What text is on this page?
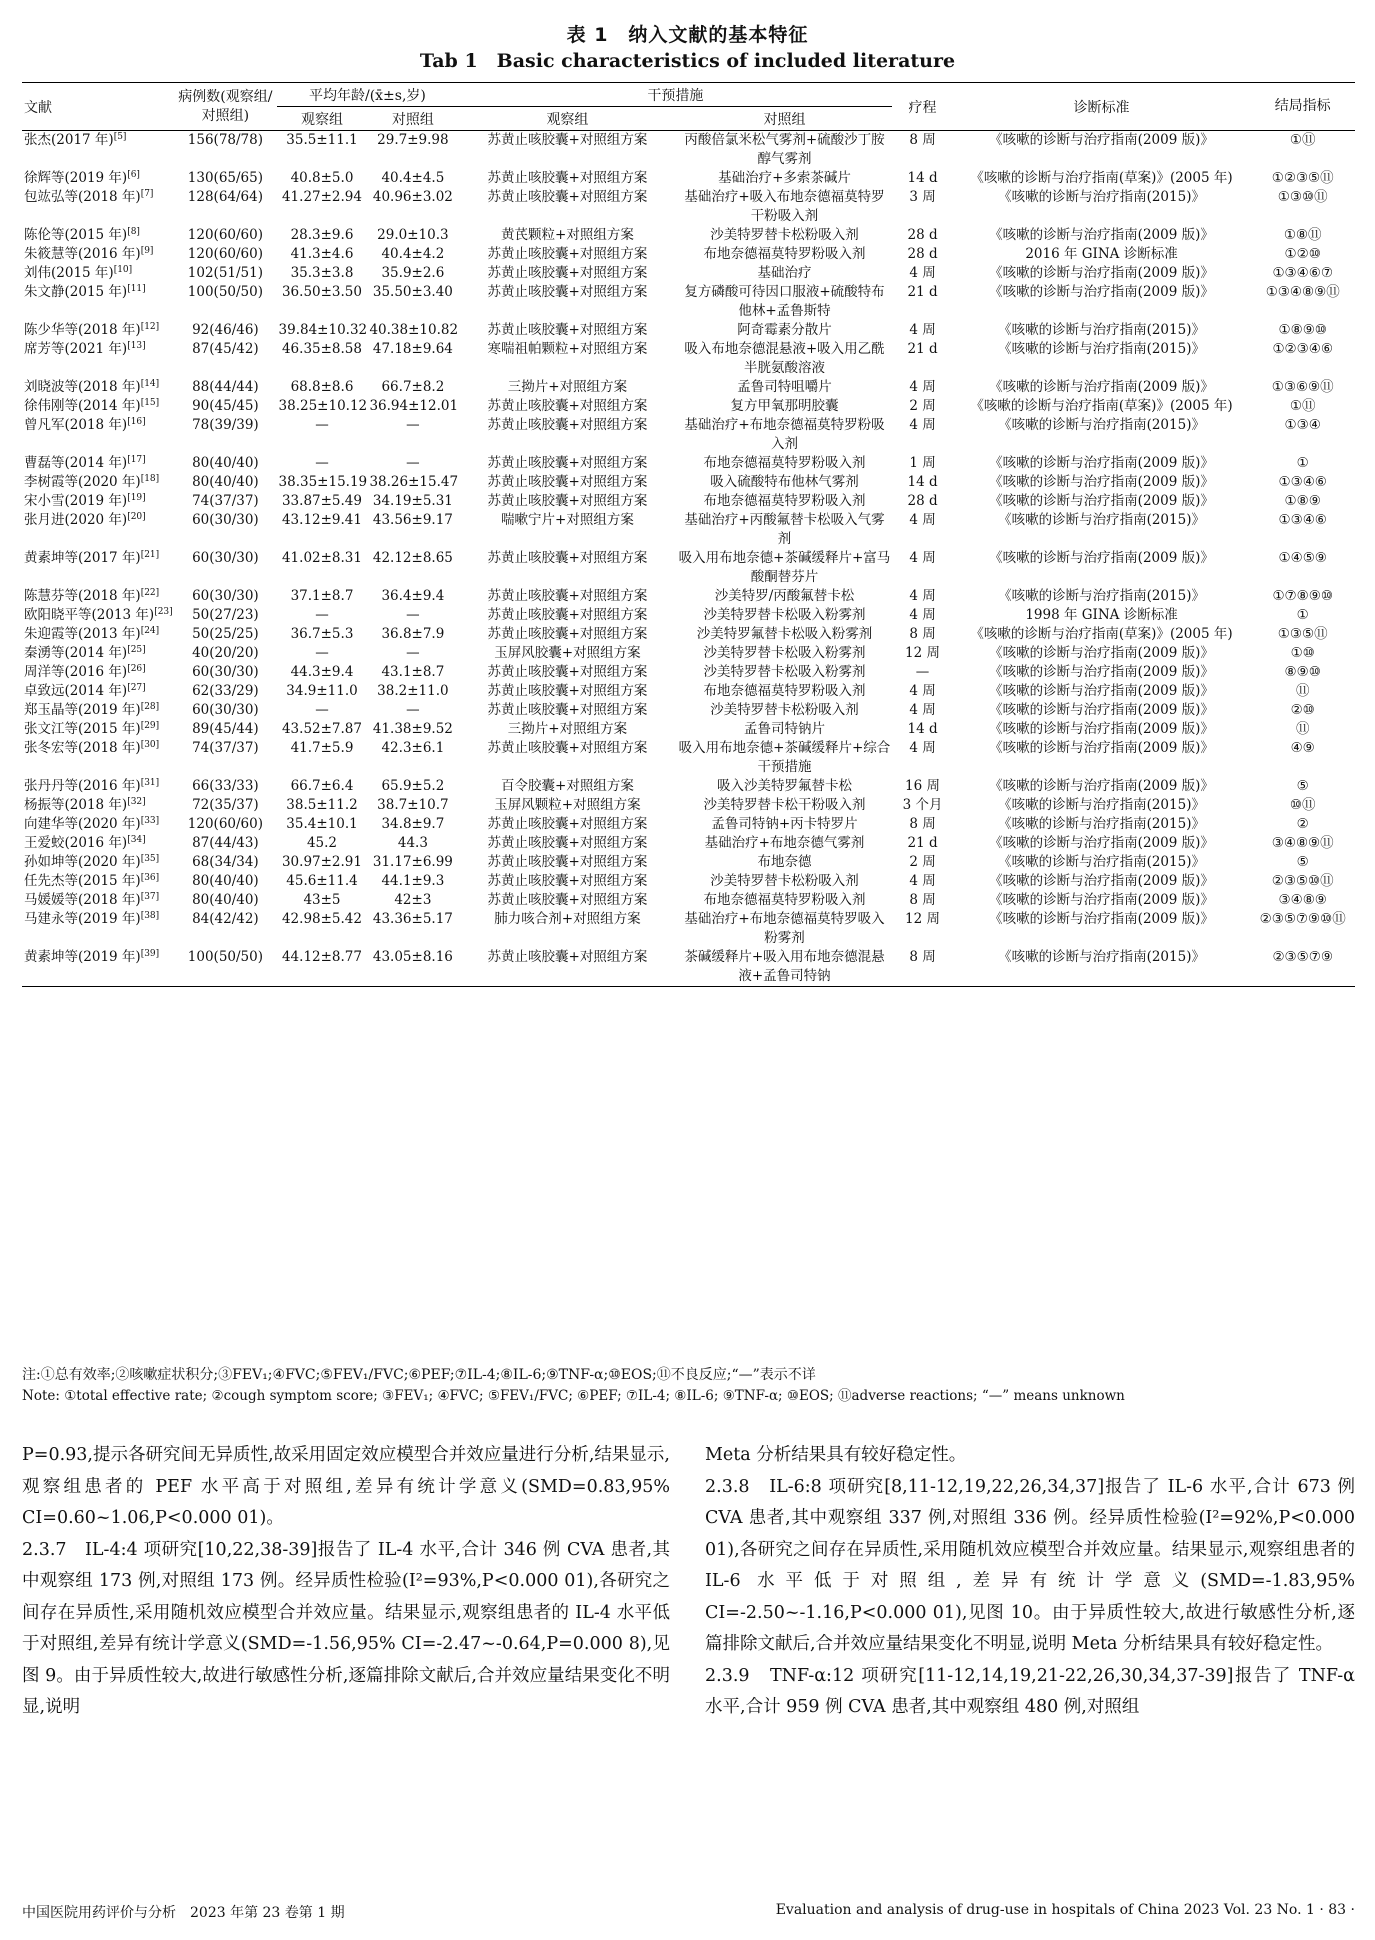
表 1　纳入文献的基本特征
Tab 1　Basic characteristics of included literature
文献	病例数(观察组/对照组)	平均年龄/(x̄±s,岁)		干预措施		疗程	诊断标准	结局指标
		观察组	对照组	观察组	对照组			
张杰(2017 年)[5]	156(78/78)	35.5±11.1	29.7±9.98	苏黄止咳胶囊+对照组方案	丙酸倍氯米松气雾剂+硫酸沙丁胺醇气雾剂	8 周	《咳嗽的诊断与治疗指南(2009 版)》	①⑪
徐辉等(2019 年)[6]	130(65/65)	40.8±5.0	40.4±4.5	苏黄止咳胶囊+对照组方案	基础治疗+多索茶碱片	14 d	《咳嗽的诊断与治疗指南(草案)》(2005 年)	①②③⑤⑪
包竑弘等(2018 年)[7]	128(64/64)	41.27±2.94	40.96±3.02	苏黄止咳胶囊+对照组方案	基础治疗+吸入布地奈德福莫特罗干粉吸入剂	3 周	《咳嗽的诊断与治疗指南(2015)》	①③⑩⑪
陈伦等(2015 年)[8]	120(60/60)	28.3±9.6	29.0±10.3	黄芪颗粒+对照组方案	沙美特罗替卡松粉吸入剂	28 d	《咳嗽的诊断与治疗指南(2009 版)》	①⑧⑪
朱筱慧等(2016 年)[9]	120(60/60)	41.3±4.6	40.4±4.2	苏黄止咳胶囊+对照组方案	布地奈德福莫特罗粉吸入剂	28 d	2016 年 GINA 诊断标准	①②⑩
刘伟(2015 年)[10]	102(51/51)	35.3±3.8	35.9±2.6	苏黄止咳胶囊+对照组方案	基础治疗	4 周	《咳嗽的诊断与治疗指南(2009 版)》	①③④⑥⑦
朱文静(2015 年)[11]	100(50/50)	36.50±3.50	35.50±3.40	苏黄止咳胶囊+对照组方案	复方磷酸可待因口服液+硫酸特布他林+孟鲁斯特	21 d	《咳嗽的诊断与治疗指南(2009 版)》	①③④⑧⑨⑪
陈少华等(2018 年)[12]	92(46/46)	39.84±10.32	40.38±10.82	苏黄止咳胶囊+对照组方案	阿奇霉素分散片	4 周	《咳嗽的诊断与治疗指南(2015)》	①⑧⑨⑩
席芳等(2021 年)[13]	87(45/42)	46.35±8.58	47.18±9.64	寒喘祖帕颗粒+对照组方案	吸入布地奈德混悬液+吸入用乙酰半胱氨酸溶液	21 d	《咳嗽的诊断与治疗指南(2015)》	①②③④⑥
刘晓波等(2018 年)[14]	88(44/44)	68.8±8.6	66.7±8.2	三拗片+对照组方案	孟鲁司特咀嚼片	4 周	《咳嗽的诊断与治疗指南(2009 版)》	①③⑥⑨⑪
徐伟刚等(2014 年)[15]	90(45/45)	38.25±10.12	36.94±12.01	苏黄止咳胶囊+对照组方案	复方甲氧那明胶囊	2 周	《咳嗽的诊断与治疗指南(草案)》(2005 年)	①⑪
曾凡军(2018 年)[16]	78(39/39)	—	—	苏黄止咳胶囊+对照组方案	基础治疗+布地奈德福莫特罗粉吸入剂	4 周	《咳嗽的诊断与治疗指南(2015)》	①③④
曹磊等(2014 年)[17]	80(40/40)	—	—	苏黄止咳胶囊+对照组方案	布地奈德福莫特罗粉吸入剂	1 周	《咳嗽的诊断与治疗指南(2009 版)》	①
李树霞等(2020 年)[18]	80(40/40)	38.35±15.19	38.26±15.47	苏黄止咳胶囊+对照组方案	吸入硫酸特布他林气雾剂	14 d	《咳嗽的诊断与治疗指南(2009 版)》	①③④⑥
宋小雪(2019 年)[19]	74(37/37)	33.87±5.49	34.19±5.31	苏黄止咳胶囊+对照组方案	布地奈德福莫特罗粉吸入剂	28 d	《咳嗽的诊断与治疗指南(2009 版)》	①⑧⑨
张月进(2020 年)[20]	60(30/30)	43.12±9.41	43.56±9.17	喘嗽宁片+对照组方案	基础治疗+丙酸氟替卡松吸入气雾剂	4 周	《咳嗽的诊断与治疗指南(2015)》	①③④⑥
黄素坤等(2017 年)[21]	60(30/30)	41.02±8.31	42.12±8.65	苏黄止咳胶囊+对照组方案	吸入用布地奈德+茶碱缓释片+富马酸酮替芬片	4 周	《咳嗽的诊断与治疗指南(2009 版)》	①④⑤⑨
陈慧芬等(2018 年)[22]	60(30/30)	37.1±8.7	36.4±9.4	苏黄止咳胶囊+对照组方案	沙美特罗/丙酸氟替卡松	4 周	《咳嗽的诊断与治疗指南(2015)》	①⑦⑧⑨⑩
欧阳晓平等(2013 年)[23]	50(27/23)	—	—	苏黄止咳胶囊+对照组方案	沙美特罗替卡松吸入粉雾剂	4 周	1998 年 GINA 诊断标准	①
朱迎霞等(2013 年)[24]	50(25/25)	36.7±5.3	36.8±7.9	苏黄止咳胶囊+对照组方案	沙美特罗氟替卡松吸入粉雾剂	8 周	《咳嗽的诊断与治疗指南(草案)》(2005 年)	①③⑤⑪
秦湧等(2014 年)[25]	40(20/20)	—	—	玉屏风胶囊+对照组方案	沙美特罗替卡松吸入粉雾剂	12 周	《咳嗽的诊断与治疗指南(2009 版)》	①⑩
周洋等(2016 年)[26]	60(30/30)	44.3±9.4	43.1±8.7	苏黄止咳胶囊+对照组方案	沙美特罗替卡松吸入粉雾剂	—	《咳嗽的诊断与治疗指南(2009 版)》	⑧⑨⑩
卓致远(2014 年)[27]	62(33/29)	34.9±11.0	38.2±11.0	苏黄止咳胶囊+对照组方案	布地奈德福莫特罗粉吸入剂	4 周	《咳嗽的诊断与治疗指南(2009 版)》	⑪
郑玉晶等(2019 年)[28]	60(30/30)	—	—	苏黄止咳胶囊+对照组方案	沙美特罗替卡松粉吸入剂	4 周	《咳嗽的诊断与治疗指南(2009 版)》	②⑩
张文江等(2015 年)[29]	89(45/44)	43.52±7.87	41.38±9.52	三拗片+对照组方案	孟鲁司特钠片	14 d	《咳嗽的诊断与治疗指南(2009 版)》	⑪
张冬宏等(2018 年)[30]	74(37/37)	41.7±5.9	42.3±6.1	苏黄止咳胶囊+对照组方案	吸入用布地奈德+茶碱缓释片+综合干预措施	4 周	《咳嗽的诊断与治疗指南(2009 版)》	④⑨
张丹丹等(2016 年)[31]	66(33/33)	66.7±6.4	65.9±5.2	百令胶囊+对照组方案	吸入沙美特罗氟替卡松	16 周	《咳嗽的诊断与治疗指南(2009 版)》	⑤
杨振等(2018 年)[32]	72(35/37)	38.5±11.2	38.7±10.7	玉屏风颗粒+对照组方案	沙美特罗替卡松干粉吸入剂	3 个月	《咳嗽的诊断与治疗指南(2015)》	⑩⑪
向建华等(2020 年)[33]	120(60/60)	35.4±10.1	34.8±9.7	苏黄止咳胶囊+对照组方案	孟鲁司特钠+丙卡特罗片	8 周	《咳嗽的诊断与治疗指南(2015)》	②
王爱蛟(2016 年)[34]	87(44/43)	45.2	44.3	苏黄止咳胶囊+对照组方案	基础治疗+布地奈德气雾剂	21 d	《咳嗽的诊断与治疗指南(2009 版)》	③④⑧⑨⑪
孙如坤等(2020 年)[35]	68(34/34)	30.97±2.91	31.17±6.99	苏黄止咳胶囊+对照组方案	布地奈德	2 周	《咳嗽的诊断与治疗指南(2015)》	⑤
任先杰等(2015 年)[36]	80(40/40)	45.6±11.4	44.1±9.3	苏黄止咳胶囊+对照组方案	沙美特罗替卡松粉吸入剂	4 周	《咳嗽的诊断与治疗指南(2009 版)》	②③⑤⑩⑪
马媛媛等(2018 年)[37]	80(40/40)	43±5	42±3	苏黄止咳胶囊+对照组方案	布地奈德福莫特罗粉吸入剂	8 周	《咳嗽的诊断与治疗指南(2009 版)》	③④⑧⑨
马建永等(2019 年)[38]	84(42/42)	42.98±5.42	43.36±5.17	肺力咳合剂+对照组方案	基础治疗+布地奈德福莫特罗吸入粉雾剂	12 周	《咳嗽的诊断与治疗指南(2009 版)》	②③⑤⑦⑨⑩⑪
黄素坤等(2019 年)[39]	100(50/50)	44.12±8.77	43.05±8.16	苏黄止咳胶囊+对照组方案	茶碱缓释片+吸入用布地奈德混悬液+孟鲁司特钠	8 周	《咳嗽的诊断与治疗指南(2015)》	②③⑤⑦⑨
注:①总有效率;②咳嗽症状积分;③FEV₁;④FVC;⑤FEV₁/FVC;⑥PEF;⑦IL-4;⑧IL-6;⑨TNF-α;⑩EOS;⑪不良反应;“—”表示不详
Note: ①total effective rate; ②cough symptom score; ③FEV₁; ④FVC; ⑤FEV₁/FVC; ⑥PEF; ⑦IL-4; ⑧IL-6; ⑨TNF-α; ⑩EOS; ⑪adverse reactions; “—” means unknown

P=0.93,提示各研究间无异质性,故采用固定效应模型合并效应量进行分析,结果显示,观察组患者的 PEF 水平高于对照组,差异有统计学意义(SMD=0.83,95% CI=0.60~1.06,P<0.000 01)。

2.3.7　IL-4:4 项研究[10,22,38-39]报告了 IL-4 水平,合计 346 例 CVA 患者,其中观察组 173 例,对照组 173 例。经异质性检验(I²=93%,P<0.000 01),各研究之间存在异质性,采用随机效应模型合并效应量。结果显示,观察组患者的 IL-4 水平低于对照组,差异有统计学意义(SMD=-1.56,95% CI=-2.47~-0.64,P=0.000 8),见图 9。由于异质性较大,故进行敏感性分析,逐篇排除文献后,合并效应量结果变化不明显,说明

Meta 分析结果具有较好稳定性。

2.3.8　IL-6:8 项研究[8,11-12,19,22,26,34,37]报告了 IL-6 水平,合计 673 例 CVA 患者,其中观察组 337 例,对照组 336 例。经异质性检验(I²=92%,P<0.000 01),各研究之间存在异质性,采用随机效应模型合并效应量。结果显示,观察组患者的 IL-6 水平低于对照组,差异有统计学意义(SMD=-1.83,95% CI=-2.50~-1.16,P<0.000 01),见图 10。由于异质性较大,故进行敏感性分析,逐篇排除文献后,合并效应量结果变化不明显,说明 Meta 分析结果具有较好稳定性。

2.3.9　TNF-α:12 项研究[11-12,14,19,21-22,26,30,34,37-39]报告了 TNF-α 水平,合计 959 例 CVA 患者,其中观察组 480 例,对照组

中国医院用药评价与分析　2023 年第 23 卷第 1 期	Evaluation and analysis of drug-use in hospitals of China 2023 Vol. 23 No. 1 · 83 ·
